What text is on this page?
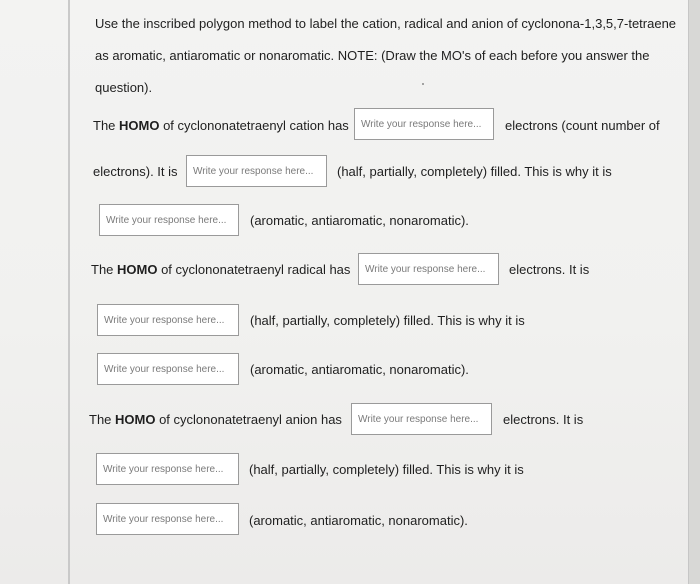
Use the inscribed polygon method to label the cation, radical and anion of cyclonona-1,3,5,7-tetraene
as aromatic, antiaromatic or nonaromatic. NOTE: (Draw the MO's of each before you answer the
question).
The HOMO of cyclononatetraenyl cation has	Write your response here...	electrons (count number of
electrons). It is	Write your response here...	(half, partially, completely) filled. This is why it is
Write your response here...	(aromatic, antiaromatic, nonaromatic).
The HOMO of cyclononatetraenyl radical has	Write your response here...	electrons. It is
Write your response here...	(half, partially, completely) filled. This is why it is
Write your response here...	(aromatic, antiaromatic, nonaromatic).
The HOMO of cyclononatetraenyl anion has	Write your response here...	electrons. It is
Write your response here...	(half, partially, completely) filled. This is why it is
Write your response here...	(aromatic, antiaromatic, nonaromatic).
